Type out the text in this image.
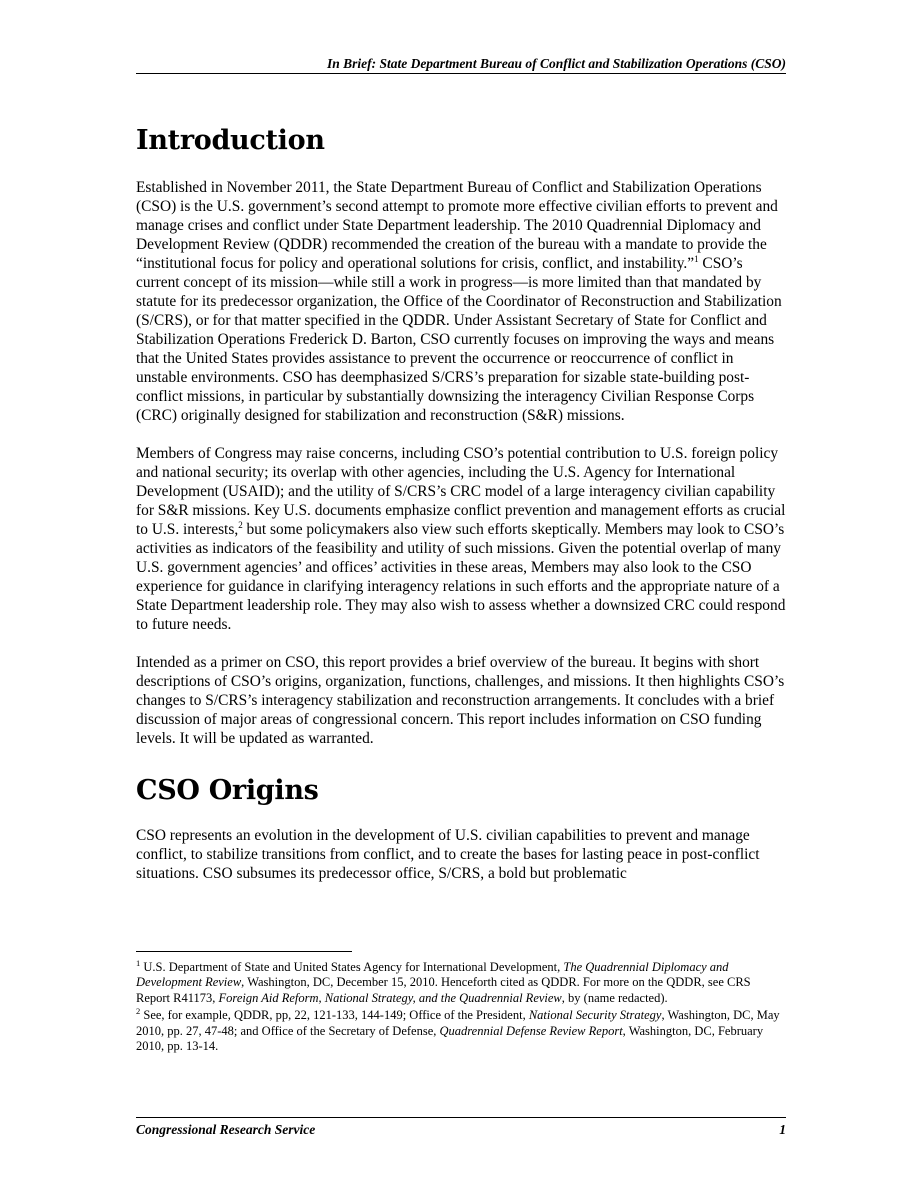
In Brief: State Department Bureau of Conflict and Stabilization Operations (CSO)
Introduction

Established in November 2011, the State Department Bureau of Conflict and Stabilization Operations (CSO) is the U.S. government’s second attempt to promote more effective civilian efforts to prevent and manage crises and conflict under State Department leadership. The 2010 Quadrennial Diplomacy and Development Review (QDDR) recommended the creation of the bureau with a mandate to provide the “institutional focus for policy and operational solutions for crisis, conflict, and instability.”$^1$ CSO’s current concept of its mission—while still a work in progress—is more limited than that mandated by statute for its predecessor organization, the Office of the Coordinator of Reconstruction and Stabilization (S/CRS), or for that matter specified in the QDDR. Under Assistant Secretary of State for Conflict and Stabilization Operations Frederick D. Barton, CSO currently focuses on improving the ways and means that the United States provides assistance to prevent the occurrence or reoccurrence of conflict in unstable environments. CSO has deemphasized S/CRS’s preparation for sizable state-building post-conflict missions, in particular by substantially downsizing the interagency Civilian Response Corps (CRC) originally designed for stabilization and reconstruction (S&R) missions.

Members of Congress may raise concerns, including CSO’s potential contribution to U.S. foreign policy and national security; its overlap with other agencies, including the U.S. Agency for International Development (USAID); and the utility of S/CRS’s CRC model of a large interagency civilian capability for S&R missions. Key U.S. documents emphasize conflict prevention and management efforts as crucial to U.S. interests,$^2$ but some policymakers also view such efforts skeptically. Members may look to CSO’s activities as indicators of the feasibility and utility of such missions. Given the potential overlap of many U.S. government agencies’ and offices’ activities in these areas, Members may also look to the CSO experience for guidance in clarifying interagency relations in such efforts and the appropriate nature of a State Department leadership role. They may also wish to assess whether a downsized CRC could respond to future needs.

Intended as a primer on CSO, this report provides a brief overview of the bureau. It begins with short descriptions of CSO’s origins, organization, functions, challenges, and missions. It then highlights CSO’s changes to S/CRS’s interagency stabilization and reconstruction arrangements. It concludes with a brief discussion of major areas of congressional concern. This report includes information on CSO funding levels. It will be updated as warranted.

CSO Origins

CSO represents an evolution in the development of U.S. civilian capabilities to prevent and manage conflict, to stabilize transitions from conflict, and to create the bases for lasting peace in post-conflict situations. CSO subsumes its predecessor office, S/CRS, a bold but problematic

$^1$ U.S. Department of State and United States Agency for International Development, The Quadrennial Diplomacy and Development Review, Washington, DC, December 15, 2010. Henceforth cited as QDDR. For more on the QDDR, see CRS Report R41173, Foreign Aid Reform, National Strategy, and the Quadrennial Review, by (name redacted).

$^2$ See, for example, QDDR, pp, 22, 121-133, 144-149; Office of the President, National Security Strategy, Washington, DC, May 2010, pp. 27, 47-48; and Office of the Secretary of Defense, Quadrennial Defense Review Report, Washington, DC, February 2010, pp. 13-14.

Congressional Research Service	1
